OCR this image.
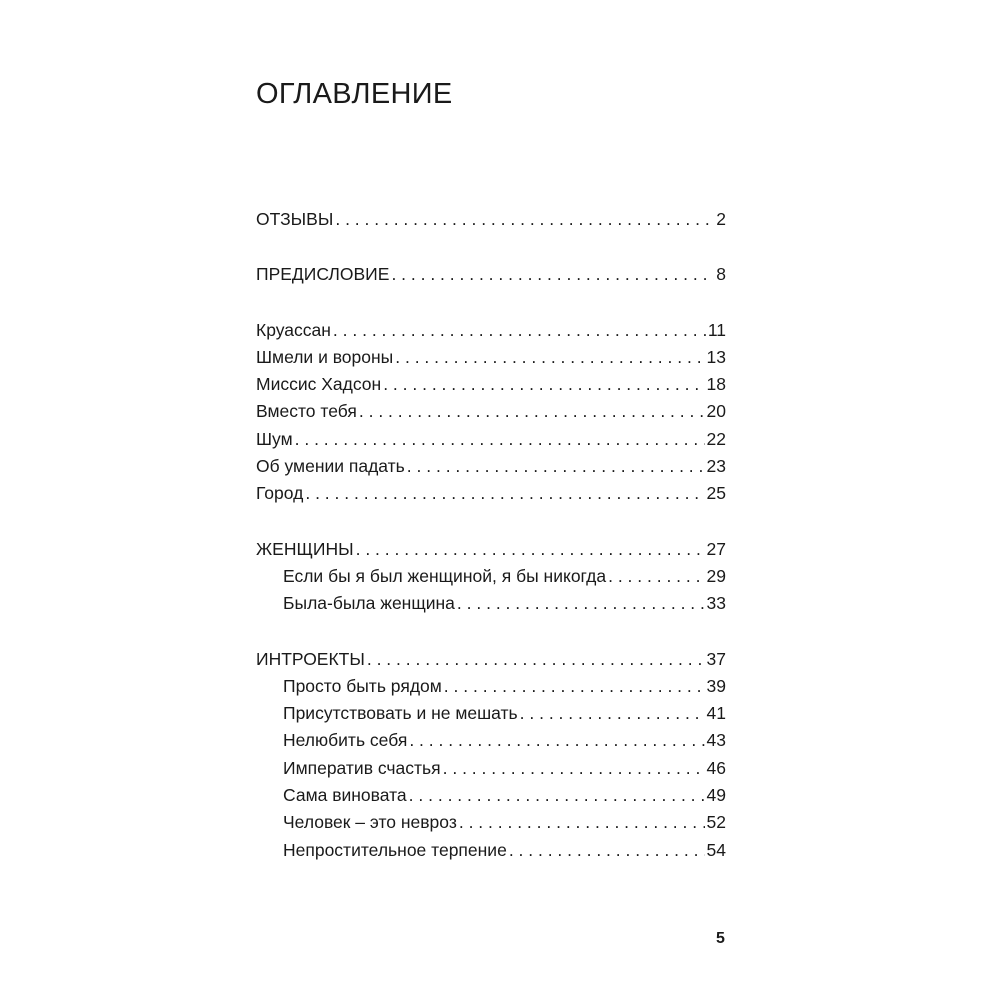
ОГЛАВЛЕНИЕ
ОТЗЫВЫ . . .	2
ПРЕДИСЛОВИЕ . . .	8
Круассан . . .	11
Шмели и вороны . . .	13
Миссис Хадсон . . .	18
Вместо тебя . . .	20
Шум . . .	22
Об умении падать . . .	23
Город . . .	25
ЖЕНЩИНЫ . . .	27
Если бы я был женщиной, я бы никогда . . .	29
Была-была женщина . . .	33
ИНТРОЕКТЫ . . .	37
Просто быть рядом . . .	39
Присутствовать и не мешать . . .	41
Нелюбить себя . . .	43
Императив счастья . . .	46
Сама виновата . . .	49
Человек – это невроз . . .	52
Непростительное терпение . . .	54
5
